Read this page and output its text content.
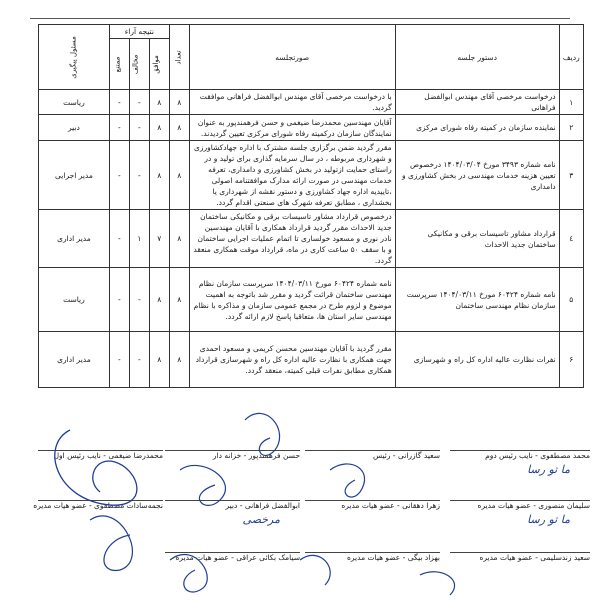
ردیف	دستور جلسه	صورتجلسه	تعداد	نتیجه آراء			مسئول پیگیری
				موافق	مخالف	ممتنع	
۱	درخواست مرخصی آقای مهندس ابوالفضل فراهانی	با درخواست مرخصی آقای مهندس ابوالفضل فراهانی موافقت گردید.	۸	۸	-	-	ریاست
۲	نماینده سازمان در کمیته رفاه شورای مرکزی	آقایان مهندسین محمدرضا ضیغمی و حسن فرهمندپور به عنوان نمایندگان سازمان درکمیته رفاه شورای مرکزی تعیین گردیدند.	۸	۸	-	-	دبیر
۳	نامه شماره ۳۴۹۳ مورخ ۱۴۰۴/۰۳/۰۴ درخصوص تعیین هزینه خدمات مهندسی در بخش کشاورزی و دامداری	مقرر گردید ضمن برگزاری جلسه مشترک با اداره جهادکشاورزی و شهرداری مربوطه ، در سال سرمایه گذاری برای تولید و در راستای حمایت ازتولید در بخش کشاورزی و دامداری، تعرفه خدمات مهندسی در صورت ارائه مدارک موافقتنامه اصولی ،تاییدیه اداره جهاد کشاورزی و دستور نقشه از شهرداری یا بخشداری ، مطابق تعرفه شهرک های صنعتی اقدام گردد.	۸	۸	-	-	مدیر اجرایی
٤	قرارداد مشاور تاسیسات برقی و مکانیکی ساختمان جدید الاحداث	درخصوص قرارداد مشاور تاسیسات برقی و مکانیکی ساختمان جدید الاحداث مقرر گردید قرارداد همکاری با آقایان مهندسین نادر نوری و مسعود خولساری تا اتمام عملیات اجرایی ساختمان و با سقف ۵۰ ساعت کاری در ماه، قرارداد موقت همکاری منعقد گردد.	۸	۷	۱	-	مدیر اداری
۵	نامه شماره ۶۰۴۲۴ مورخ ۱۴۰۴/۰۳/۱۱ سرپرست سازمان نظام مهندسی ساختمان	نامه شماره ۶۰۴۲۴ مورخ ۱۴۰۴/۰۳/۱۱ سرپرست سازمان نظام مهندسی ساختمان قرائت گردید و مقرر شد باتوجه به اهمیت موضوع و لزوم طرح در مجمع عمومی سازمان و مذاکره با نظام مهندسی سایر استان ها، متعاقبا پاسخ لازم ارائه گردد.	۸	۸	-	-	ریاست
۶	نفرات نظارت عالیه اداره کل راه و شهرسازی	مقرر گردید با آقایان مهندسین محسن کریمی و مسعود احمدی جهت همکاری با نظارت عالیه اداره کل راه و شهرسازی قرارداد همکاری مطابق نفرات قبلی کمیته، منعقد گردد.	۸	۸	-	-	مدیر اداری
محمد مصطفوی - نایب رئیس دوم
ما تو رسا
سعید گازرانی - رئیس
حسن فرهمندپور - خزانه دار
محمدرضا ضیغمی - نایب رئیس اول
سلیمان منصوری - عضو هیات مدیره
ما تو رسا
زهرا دهقانی - عضو هیات مدیره
ابوالفضل فراهانی - دبیر
مرخصی
نجمه‌سادات مصطفوی - عضو هیات مدیره
سعید زندسلیمی - عضو هیات مدیره
بهزاد بیگی - عضو هیات مدیره
سیامک بکائی عراقی - عضو هیات مدیره
